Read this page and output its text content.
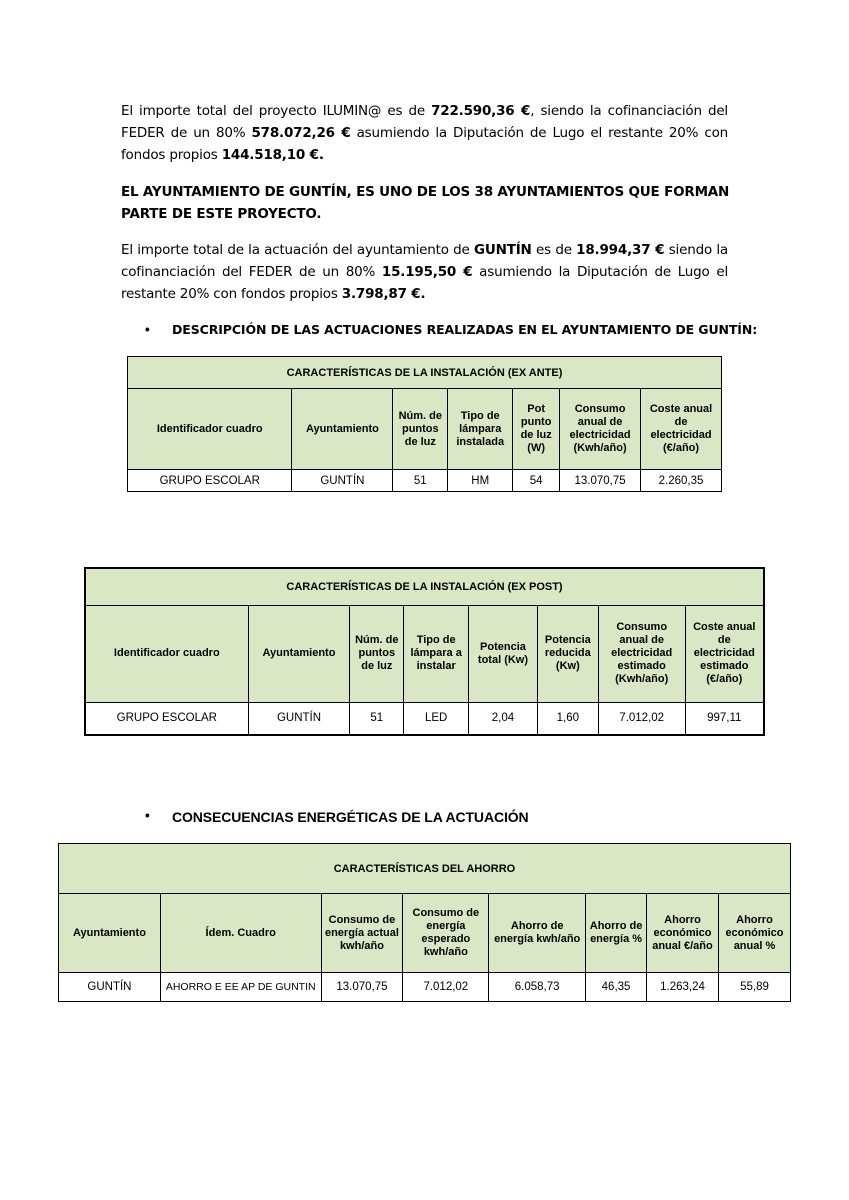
El importe total del proyecto ILUMIN@ es de 722.590,36 €, siendo la cofinanciación del FEDER de un 80% 578.072,26 € asumiendo la Diputación de Lugo el restante 20% con fondos propios 144.518,10 €.
EL AYUNTAMIENTO DE GUNTÍN, ES UNO DE LOS 38 AYUNTAMIENTOS QUE FORMAN PARTE DE ESTE PROYECTO.
El importe total de la actuación del ayuntamiento de GUNTÍN es de 18.994,37 € siendo la cofinanciación del FEDER de un 80% 15.195,50 € asumiendo la Diputación de Lugo el restante 20% con fondos propios 3.798,87 €.
• DESCRIPCIÓN DE LAS ACTUACIONES REALIZADAS EN EL AYUNTAMIENTO DE GUNTÍN:
CARACTERÍSTICAS DE LA INSTALACIÓN (EX ANTE)						
Identificador cuadro	Ayuntamiento	Núm. de puntos de luz	Tipo de lámpara instalada	Pot punto de luz (W)	Consumo anual de electricidad (Kwh/año)	Coste anual de electricidad (€/año)
GRUPO ESCOLAR	GUNTÍN	51	HM	54	13.070,75	2.260,35
CARACTERÍSTICAS DE LA INSTALACIÓN (EX POST)							
Identificador cuadro	Ayuntamiento	Núm. de puntos de luz	Tipo de lámpara a instalar	Potencia total (Kw)	Potencia reducida (Kw)	Consumo anual de electricidad estimado (Kwh/año)	Coste anual de electricidad estimado (€/año)
GRUPO ESCOLAR	GUNTÍN	51	LED	2,04	1,60	7.012,02	997,11
• CONSECUENCIAS ENERGÉTICAS DE LA ACTUACIÓN
CARACTERÍSTICAS DEL AHORRO							
Ayuntamiento	Ídem. Cuadro	Consumo de energía actual kwh/año	Consumo de energía esperado kwh/año	Ahorro de energía kwh/año	Ahorro de energía %	Ahorro económico anual €/año	Ahorro económico anual %
GUNTÍN	AHORRO E EE AP DE GUNTIN	13.070,75	7.012,02	6.058,73	46,35	1.263,24	55,89
